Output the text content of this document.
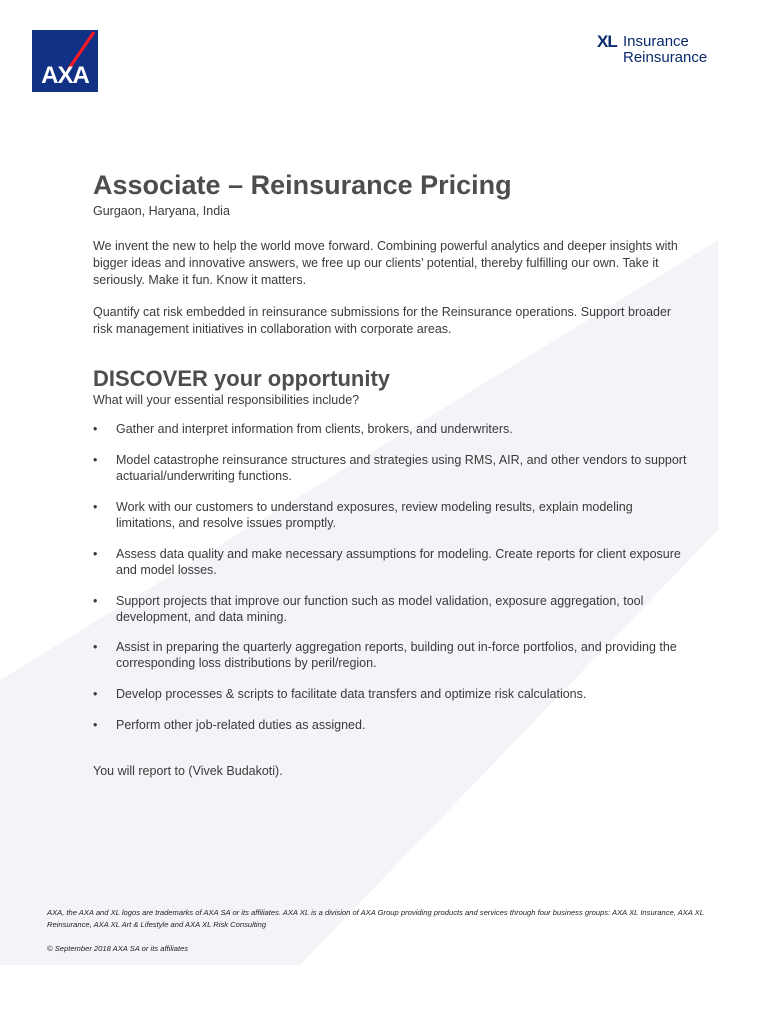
AXA
XL Insurance
Reinsurance
Associate – Reinsurance Pricing
Gurgaon, Haryana, India

We invent the new to help the world move forward. Combining powerful analytics and deeper insights with bigger ideas and innovative answers, we free up our clients’ potential, thereby fulfilling our own. Take it seriously. Make it fun. Know it matters.

Quantify cat risk embedded in reinsurance submissions for the Reinsurance operations. Support broader risk management initiatives in collaboration with corporate areas.

DISCOVER your opportunity
What will your essential responsibilities include?
• Gather and interpret information from clients, brokers, and underwriters.
• Model catastrophe reinsurance structures and strategies using RMS, AIR, and other vendors to support actuarial/underwriting functions.
• Work with our customers to understand exposures, review modeling results, explain modeling limitations, and resolve issues promptly.
• Assess data quality and make necessary assumptions for modeling. Create reports for client exposure and model losses.
• Support projects that improve our function such as model validation, exposure aggregation, tool development, and data mining.
• Assist in preparing the quarterly aggregation reports, building out in-force portfolios, and providing the corresponding loss distributions by peril/region.
• Develop processes & scripts to facilitate data transfers and optimize risk calculations.
• Perform other job-related duties as assigned.

You will report to (Vivek Budakoti).

AXA, the AXA and XL logos are trademarks of AXA SA or its affiliates. AXA XL is a division of AXA Group providing products and services through four business groups: AXA XL Insurance, AXA XL Reinsurance, AXA XL Art & Lifestyle and AXA XL Risk Consulting
© September 2018 AXA SA or its affiliates
